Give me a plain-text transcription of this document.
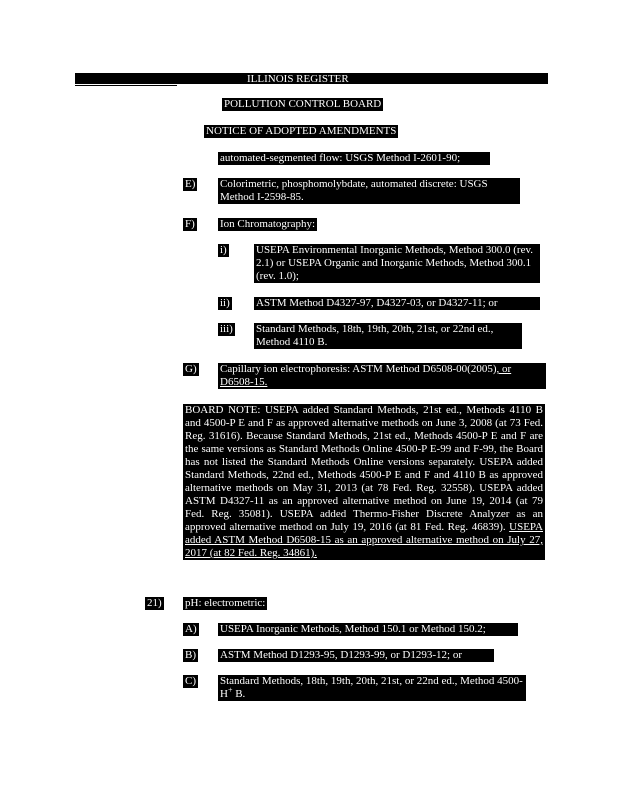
ILLINOIS REGISTER
POLLUTION CONTROL BOARD
NOTICE OF ADOPTED AMENDMENTS
automated-segmented flow: USGS Method I-2601-90;
E) Colorimetric, phosphomolybdate, automated discrete: USGS Method I-2598-85.
F) Ion Chromatography:
i)	USEPA Environmental Inorganic Methods, Method 300.0 (rev. 2.1) or USEPA Organic and Inorganic Methods, Method 300.1 (rev. 1.0);
ii) ASTM Method D4327-97, D4327-03, or D4327-11; or
iii) Standard Methods, 18th, 19th, 20th, 21st, or 22nd ed., Method 4110 B.
G) Capillary ion electrophoresis: ASTM Method D6508-00(2005), or D6508-15.
BOARD NOTE: USEPA added Standard Methods, 21st ed., Methods 4110 B and 4500-P E and F as approved alternative methods on June 3, 2008 (at 73 Fed. Reg. 31616). Because Standard Methods, 21st ed., Methods 4500-P E and F are the same versions as Standard Methods Online 4500-P E-99 and F-99, the Board has not listed the Standard Methods Online versions separately. USEPA added Standard Methods, 22nd ed., Methods 4500-P E and F and 4110 B as approved alternative methods on May 31, 2013 (at 78 Fed. Reg. 32558). USEPA added ASTM D4327-11 as an approved alternative method on June 19, 2014 (at 79 Fed. Reg. 35081). USEPA added Thermo-Fisher Discrete Analyzer as an approved alternative method on July 19, 2016 (at 81 Fed. Reg. 46839). USEPA added ASTM Method D6508-15 as an approved alternative method on July 27, 2017 (at 82 Fed. Reg. 34861).
21) pH: electrometric:
A) USEPA Inorganic Methods, Method 150.1 or Method 150.2;
B) ASTM Method D1293-95, D1293-99, or D1293-12; or
C) Standard Methods, 18th, 19th, 20th, 21st, or 22nd ed., Method 4500-H+ B.
